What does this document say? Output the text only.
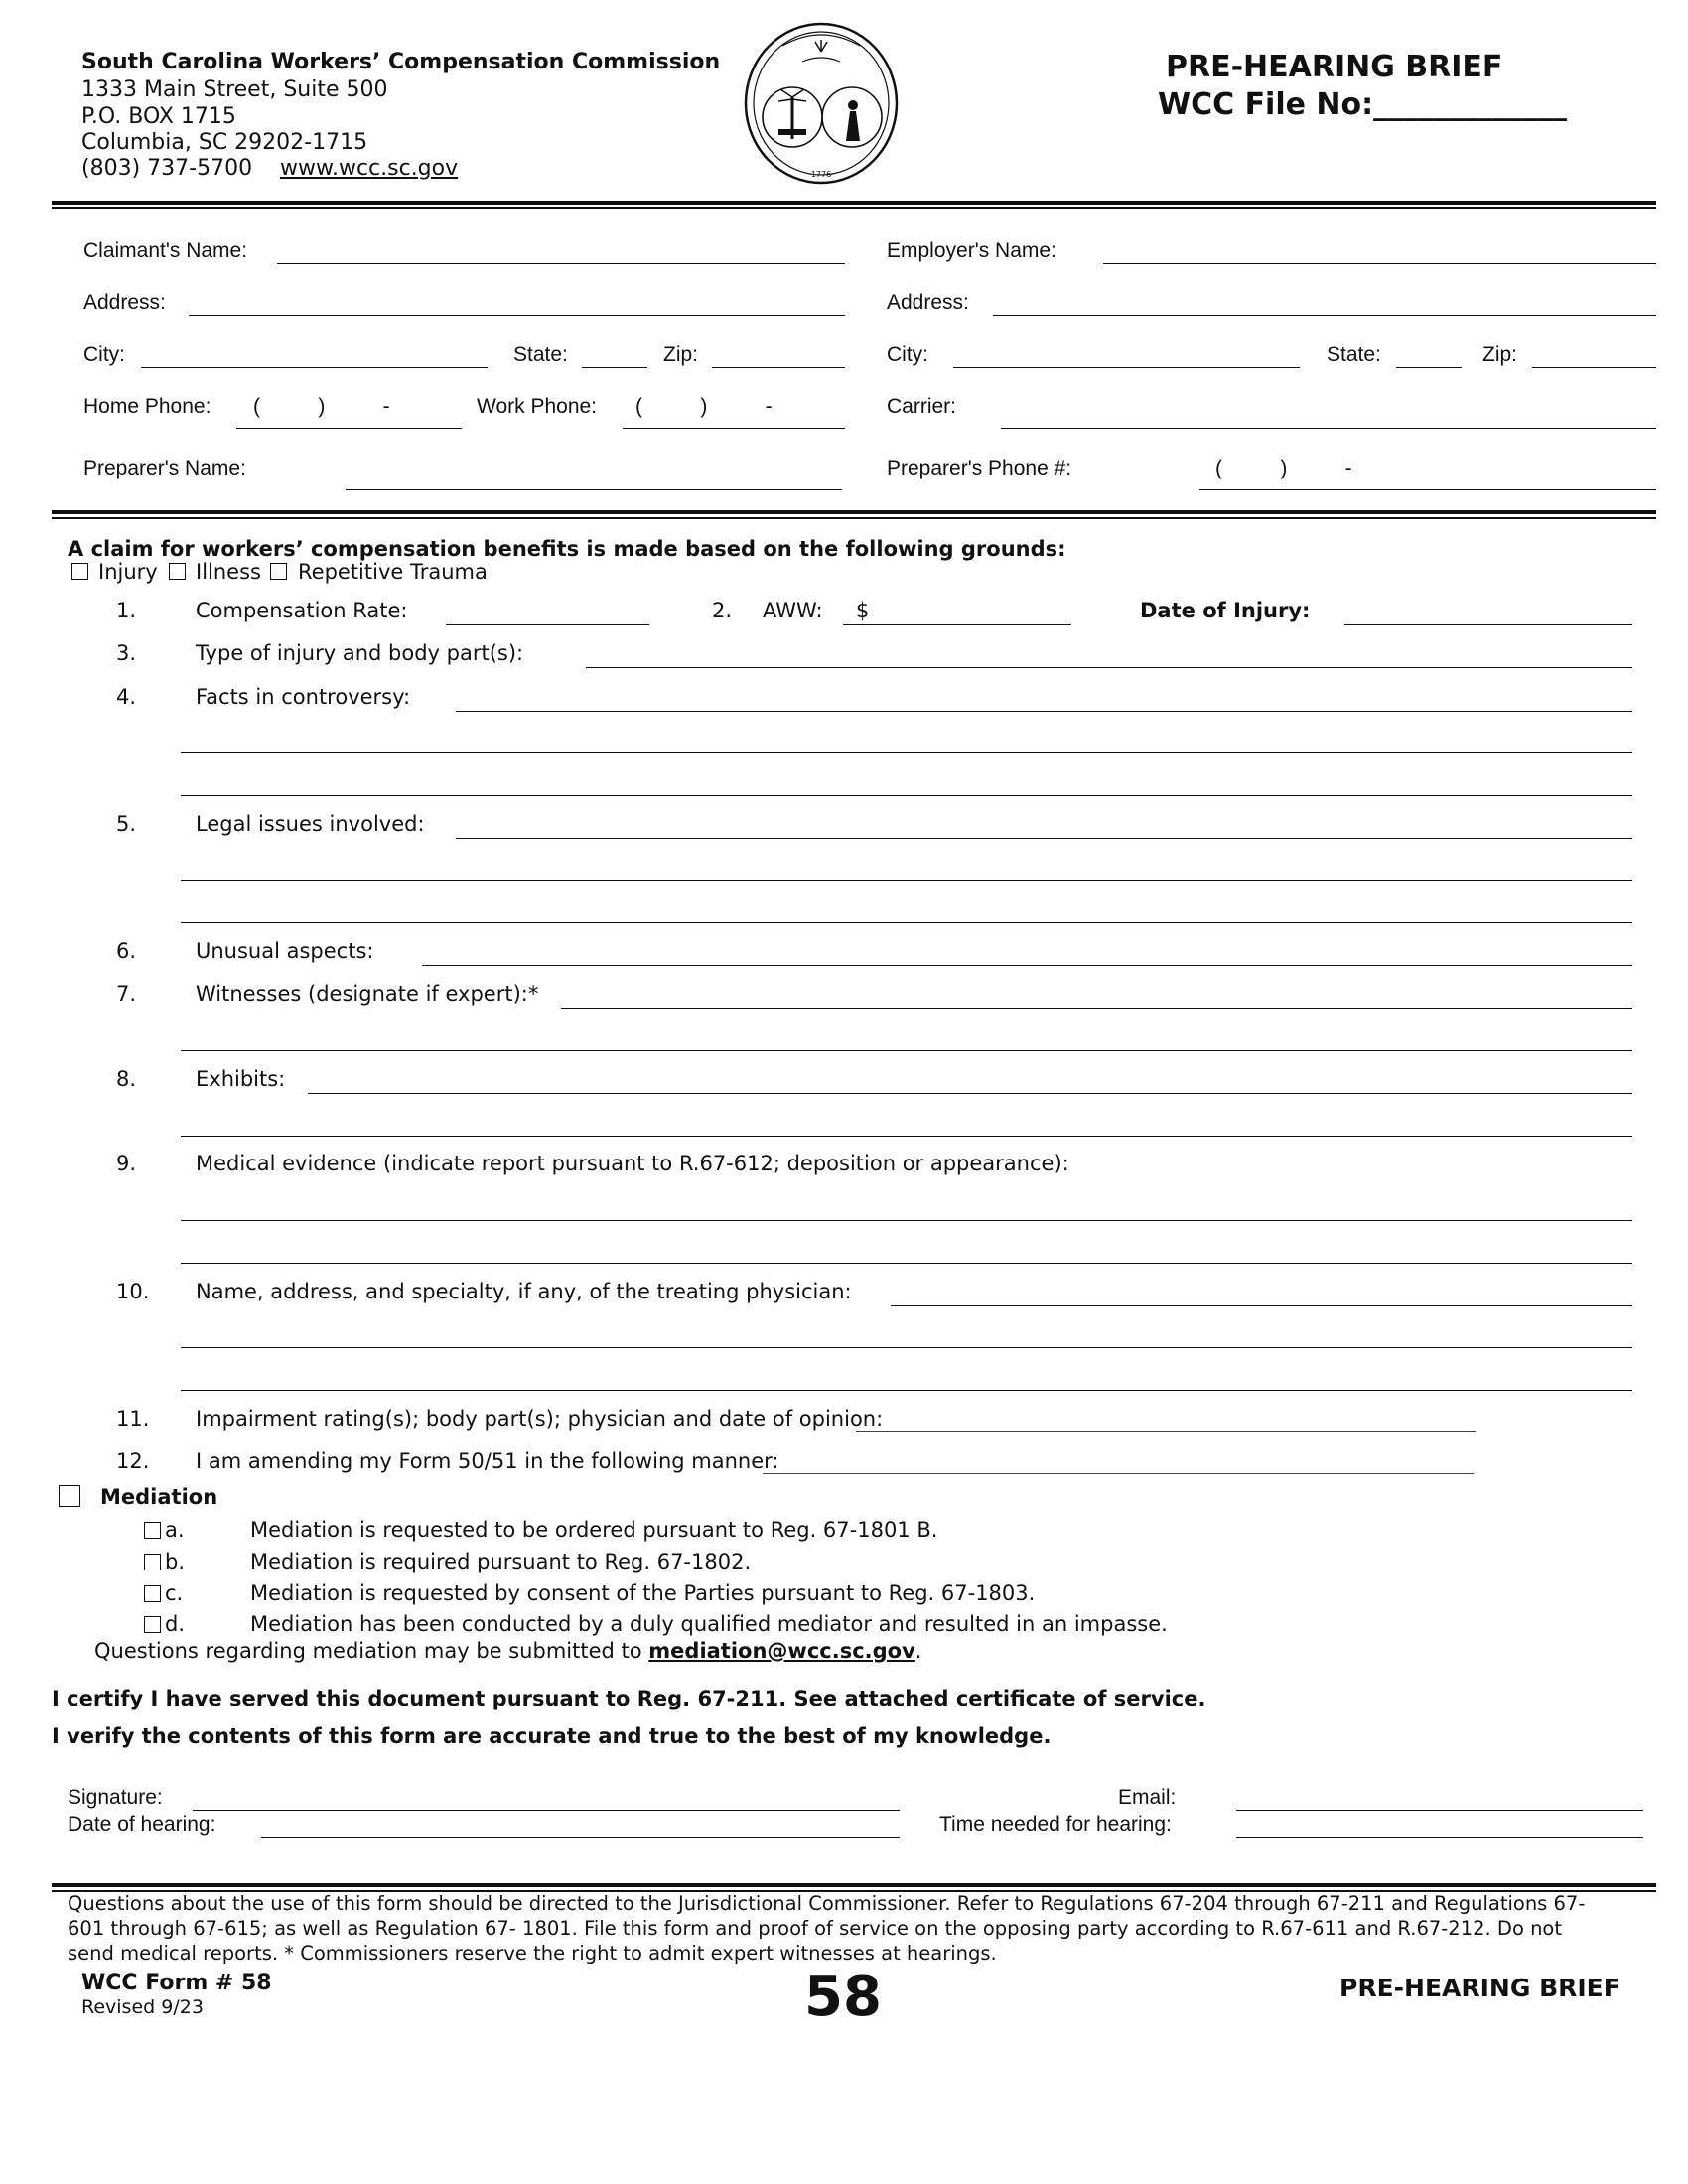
South Carolina Workers’ Compensation Commission
1333 Main Street, Suite 500
P.O. BOX 1715
Columbia, SC 29202-1715
(803) 737-5700 www.wcc.sc.gov	1776
PRE-HEARING BRIEF
WCC File No:_____________
Claimant's Name:
Address:
City:	State:	Zip:
Home Phone: (          )          -	Work Phone: (          )          -
Preparer's Name:
Employer's Name:
Address:
City:	State:	Zip:
Carrier:
Preparer's Phone #:	(          )          -
A claim for workers’ compensation benefits is made based on the following grounds:
Injury Illness Repetitive Trauma
1.	Compensation Rate:	2. AWW: $	Date of Injury:
3.	Type of injury and body part(s):
4.	Facts in controversy:
5.	Legal issues involved:
6.	Unusual aspects:
7.	Witnesses (designate if expert):*
8.	Exhibits:
9.	Medical evidence (indicate report pursuant to R.67-612; deposition or appearance):
10. Name, address, and specialty, if any, of the treating physician:
11. Impairment rating(s); body part(s); physician and date of opinion:
12. I am amending my Form 50/51 in the following manner:
Mediation
a.	Mediation is requested to be ordered pursuant to Reg. 67-1801 B.
b.	Mediation is required pursuant to Reg. 67-1802.
c.	Mediation is requested by consent of the Parties pursuant to Reg. 67-1803.
d.	Mediation has been conducted by a duly qualified mediator and resulted in an impasse.
Questions regarding mediation may be submitted to mediation@wcc.sc.gov.
I certify I have served this document pursuant to Reg. 67-211. See attached certificate of service.
I verify the contents of this form are accurate and true to the best of my knowledge.
Signature:
Date of hearing:
Email:
Time needed for hearing:
Questions about the use of this form should be directed to the Jurisdictional Commissioner. Refer to Regulations 67-204 through 67-211 and Regulations 67-
601 through 67-615; as well as Regulation 67- 1801. File this form and proof of service on the opposing party according to R.67-611 and R.67-212. Do not
send medical reports. * Commissioners reserve the right to admit expert witnesses at hearings.
WCC Form # 58
Revised 9/23	58	PRE-HEARING BRIEF
